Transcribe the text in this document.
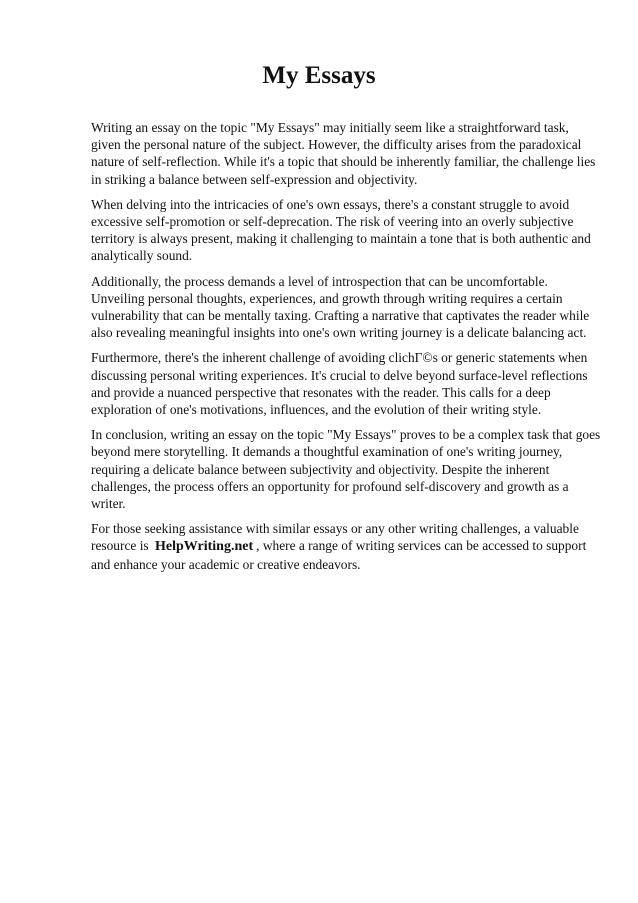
My Essays

Writing an essay on the topic "My Essays" may initially seem like a straightforward task, given the personal nature of the subject. However, the difficulty arises from the paradoxical nature of self-reflection. While it's a topic that should be inherently familiar, the challenge lies in striking a balance between self-expression and objectivity.

When delving into the intricacies of one's own essays, there's a constant struggle to avoid excessive self-promotion or self-deprecation. The risk of veering into an overly subjective territory is always present, making it challenging to maintain a tone that is both authentic and analytically sound.

Additionally, the process demands a level of introspection that can be uncomfortable. Unveiling personal thoughts, experiences, and growth through writing requires a certain vulnerability that can be mentally taxing. Crafting a narrative that captivates the reader while also revealing meaningful insights into one's own writing journey is a delicate balancing act.

Furthermore, there's the inherent challenge of avoiding clichΓ©s or generic statements when discussing personal writing experiences. It's crucial to delve beyond surface-level reflections and provide a nuanced perspective that resonates with the reader. This calls for a deep exploration of one's motivations, influences, and the evolution of their writing style.

In conclusion, writing an essay on the topic "My Essays" proves to be a complex task that goes beyond mere storytelling. It demands a thoughtful examination of one's writing journey, requiring a delicate balance between subjectivity and objectivity. Despite the inherent challenges, the process offers an opportunity for profound self-discovery and growth as a writer.

For those seeking assistance with similar essays or any other writing challenges, a valuable resource is HelpWriting.net , where a range of writing services can be accessed to support and enhance your academic or creative endeavors.
